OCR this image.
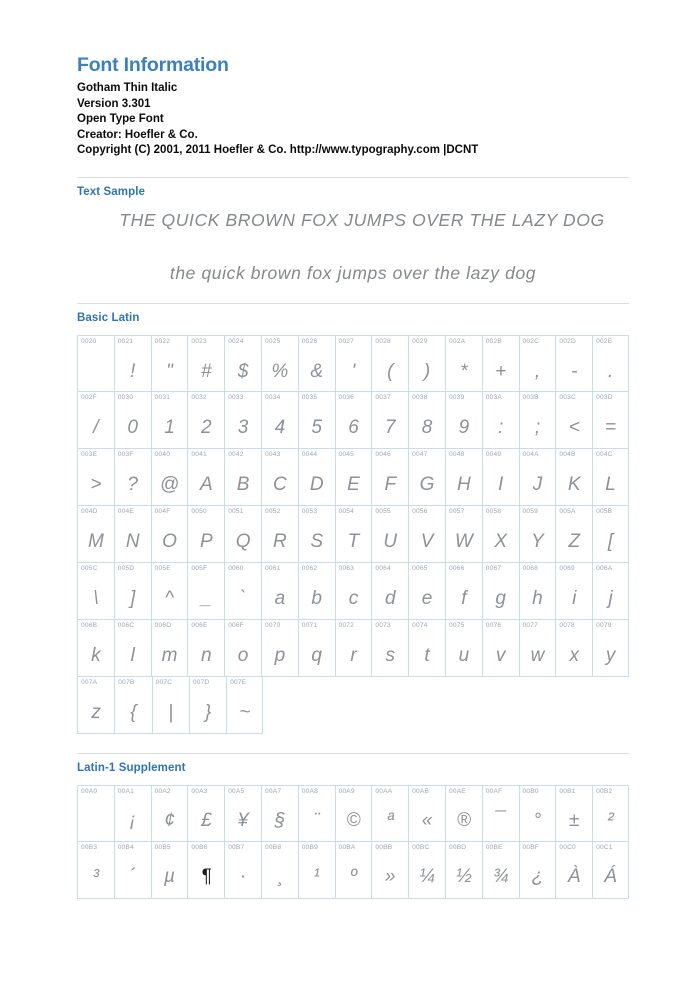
Font Information
Gotham Thin Italic
Version 3.301
Open Type Font
Creator: Hoefler & Co.
Copyright (C) 2001, 2011 Hoefler & Co. http://www.typography.com |DCNT
Text Sample
THE QUICK BROWN FOX JUMPS OVER THE LAZY DOG
the quick brown fox jumps over the lazy dog
Basic Latin
0020	0021
!
0022
"
0023
#
0024
$
0025
%
0026
&
0027
'
0028
(
0029
)
002A
*
002B
+
002C
,
002D
-
002E
.
002F
/
0030
0
0031
1
0032
2
0033
3
0034
4
0035
5
0036
6
0037
7
0038
8
0039
9
003A
:
003B
;
003C
<
003D
=
003E
>
003F
?
0040
@
0041
A
0042
B
0043
C
0044
D
0045
E
0046
F
0047
G
0048
H
0049
I
004A
J
004B
K
004C
L
004D
M
004E
N
004F
O
0050
P
0051
Q
0052
R
0053
S
0054
T
0055
U
0056
V
0057
W
0058
X
0059
Y
005A
Z
005B
[
005C
\
005D
]
005E
^
005F
_
0060
`
0061
a
0062
b
0063
c
0064
d
0065
e
0066
f
0067
g
0068
h
0069
i
006A
j
006B
k
006C
l
006D
m
006E
n
006F
o
0070
p
0071
q
0072
r
0073
s
0074
t
0075
u
0076
v
0077
w
0078
x
0079
y
007A
z
007B
{
007C
|
007D
}
007E
~
Latin-1 Supplement
00A0	00A1
¡
00A2
¢
00A3
£
00A5
¥
00A7
§
00A8
¨
00A9
©
00AA
ª
00AB
«
00AE
®
00AF
¯
00B0
°
00B1
±
00B2
²
00B3
³
00B4
´
00B5
µ
00B6
¶
00B7
·
00B8
¸
00B9
¹
00BA
º
00BB
»
00BC
¼
00BD
½
00BE
¾
00BF
¿
00C0
À
00C1
Á
